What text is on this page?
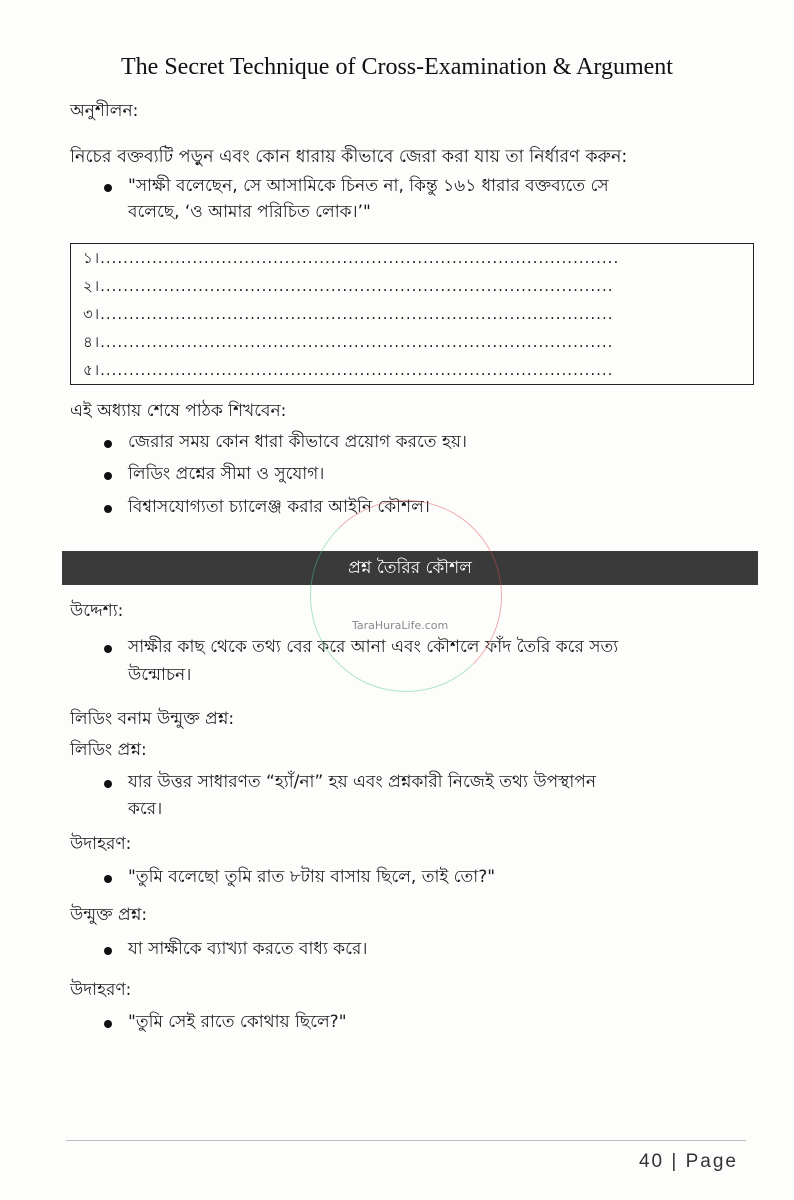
The Secret Technique of Cross-Examination & Argument
অনুশীলন:
নিচের বক্তব্যটি পড়ুন এবং কোন ধারায় কীভাবে জেরা করা যায় তা নির্ধারণ করুন:
"সাক্ষী বলেছেন, সে আসামিকে চিনত না, কিন্তু ১৬১ ধারার বক্তব্যতে সে
বলেছে, ‘ও আমার পরিচিত লোক।’"
১।..........................................................................................
২।.........................................................................................
৩।.........................................................................................
৪।.........................................................................................
৫।.........................................................................................
এই অধ্যায় শেষে পাঠক শিখবেন:
জেরার সময় কোন ধারা কীভাবে প্রয়োগ করতে হয়।
লিডিং প্রশ্নের সীমা ও সুযোগ।
বিশ্বাসযোগ্যতা চ্যালেঞ্জ করার আইনি কৌশল।
প্রশ্ন তৈরির কৌশল
উদ্দেশ্য:
সাক্ষীর কাছ থেকে তথ্য বের করে আনা এবং কৌশলে ফাঁদ তৈরি করে সত্য
উন্মোচন।
লিডিং বনাম উন্মুক্ত প্রশ্ন:
লিডিং প্রশ্ন:
যার উত্তর সাধারণত “হ্যাঁ/না” হয় এবং প্রশ্নকারী নিজেই তথ্য উপস্থাপন
করে।
উদাহরণ:
"তুমি বলেছো তুমি রাত ৮টায় বাসায় ছিলে, তাই তো?"
উন্মুক্ত প্রশ্ন:
যা সাক্ষীকে ব্যাখ্যা করতে বাধ্য করে।
উদাহরণ:
"তুমি সেই রাতে কোথায় ছিলে?"
TaraHuraLife.com
40 | Page
